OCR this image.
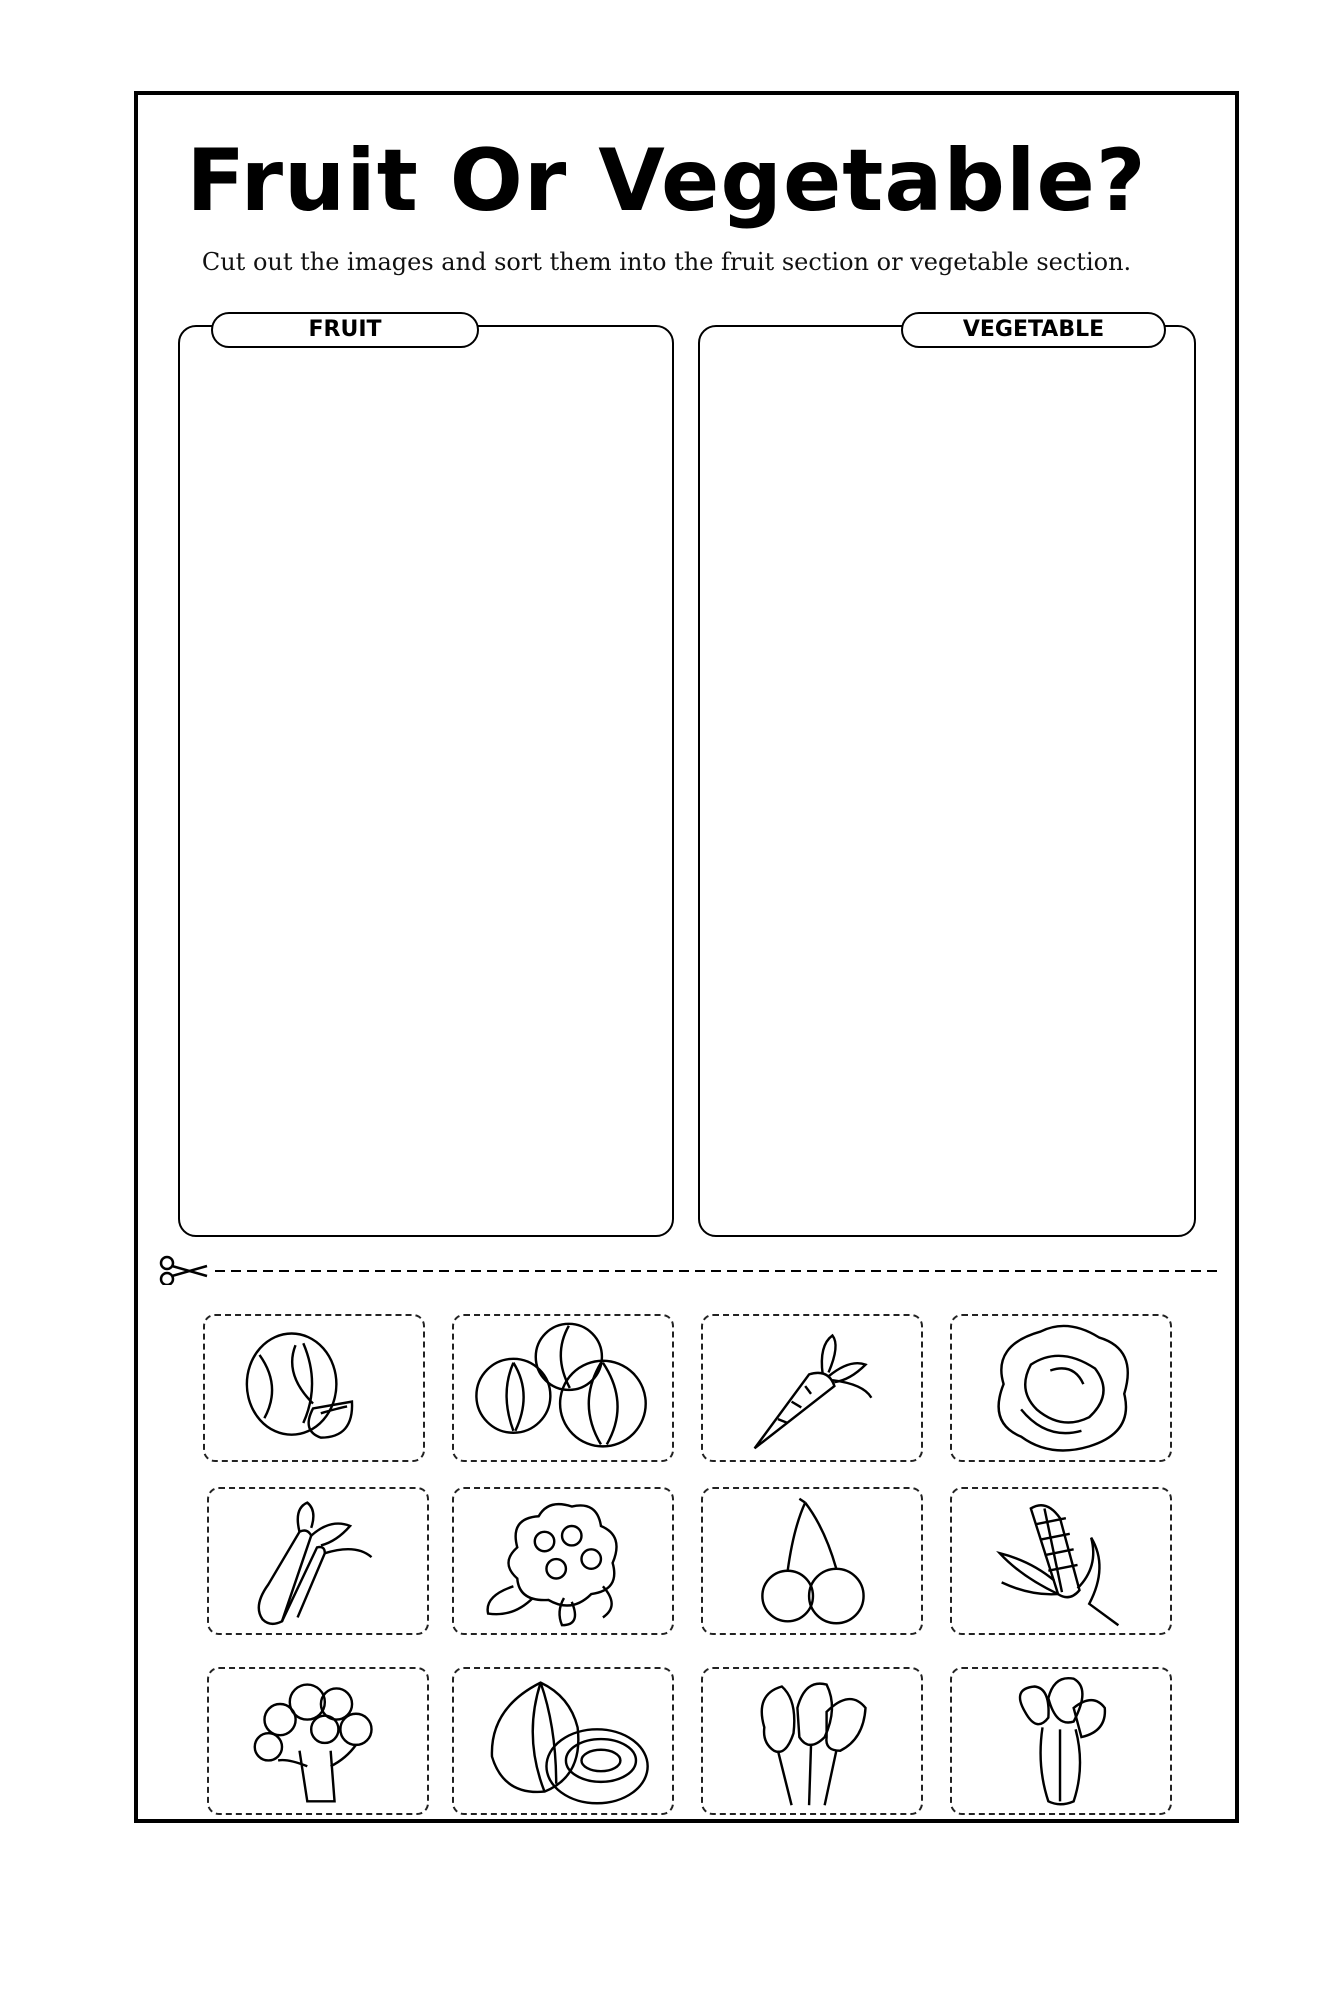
Fruit Or Vegetable?
Cut out the images and sort them into the fruit section or vegetable section.
FRUIT	VEGETABLE
